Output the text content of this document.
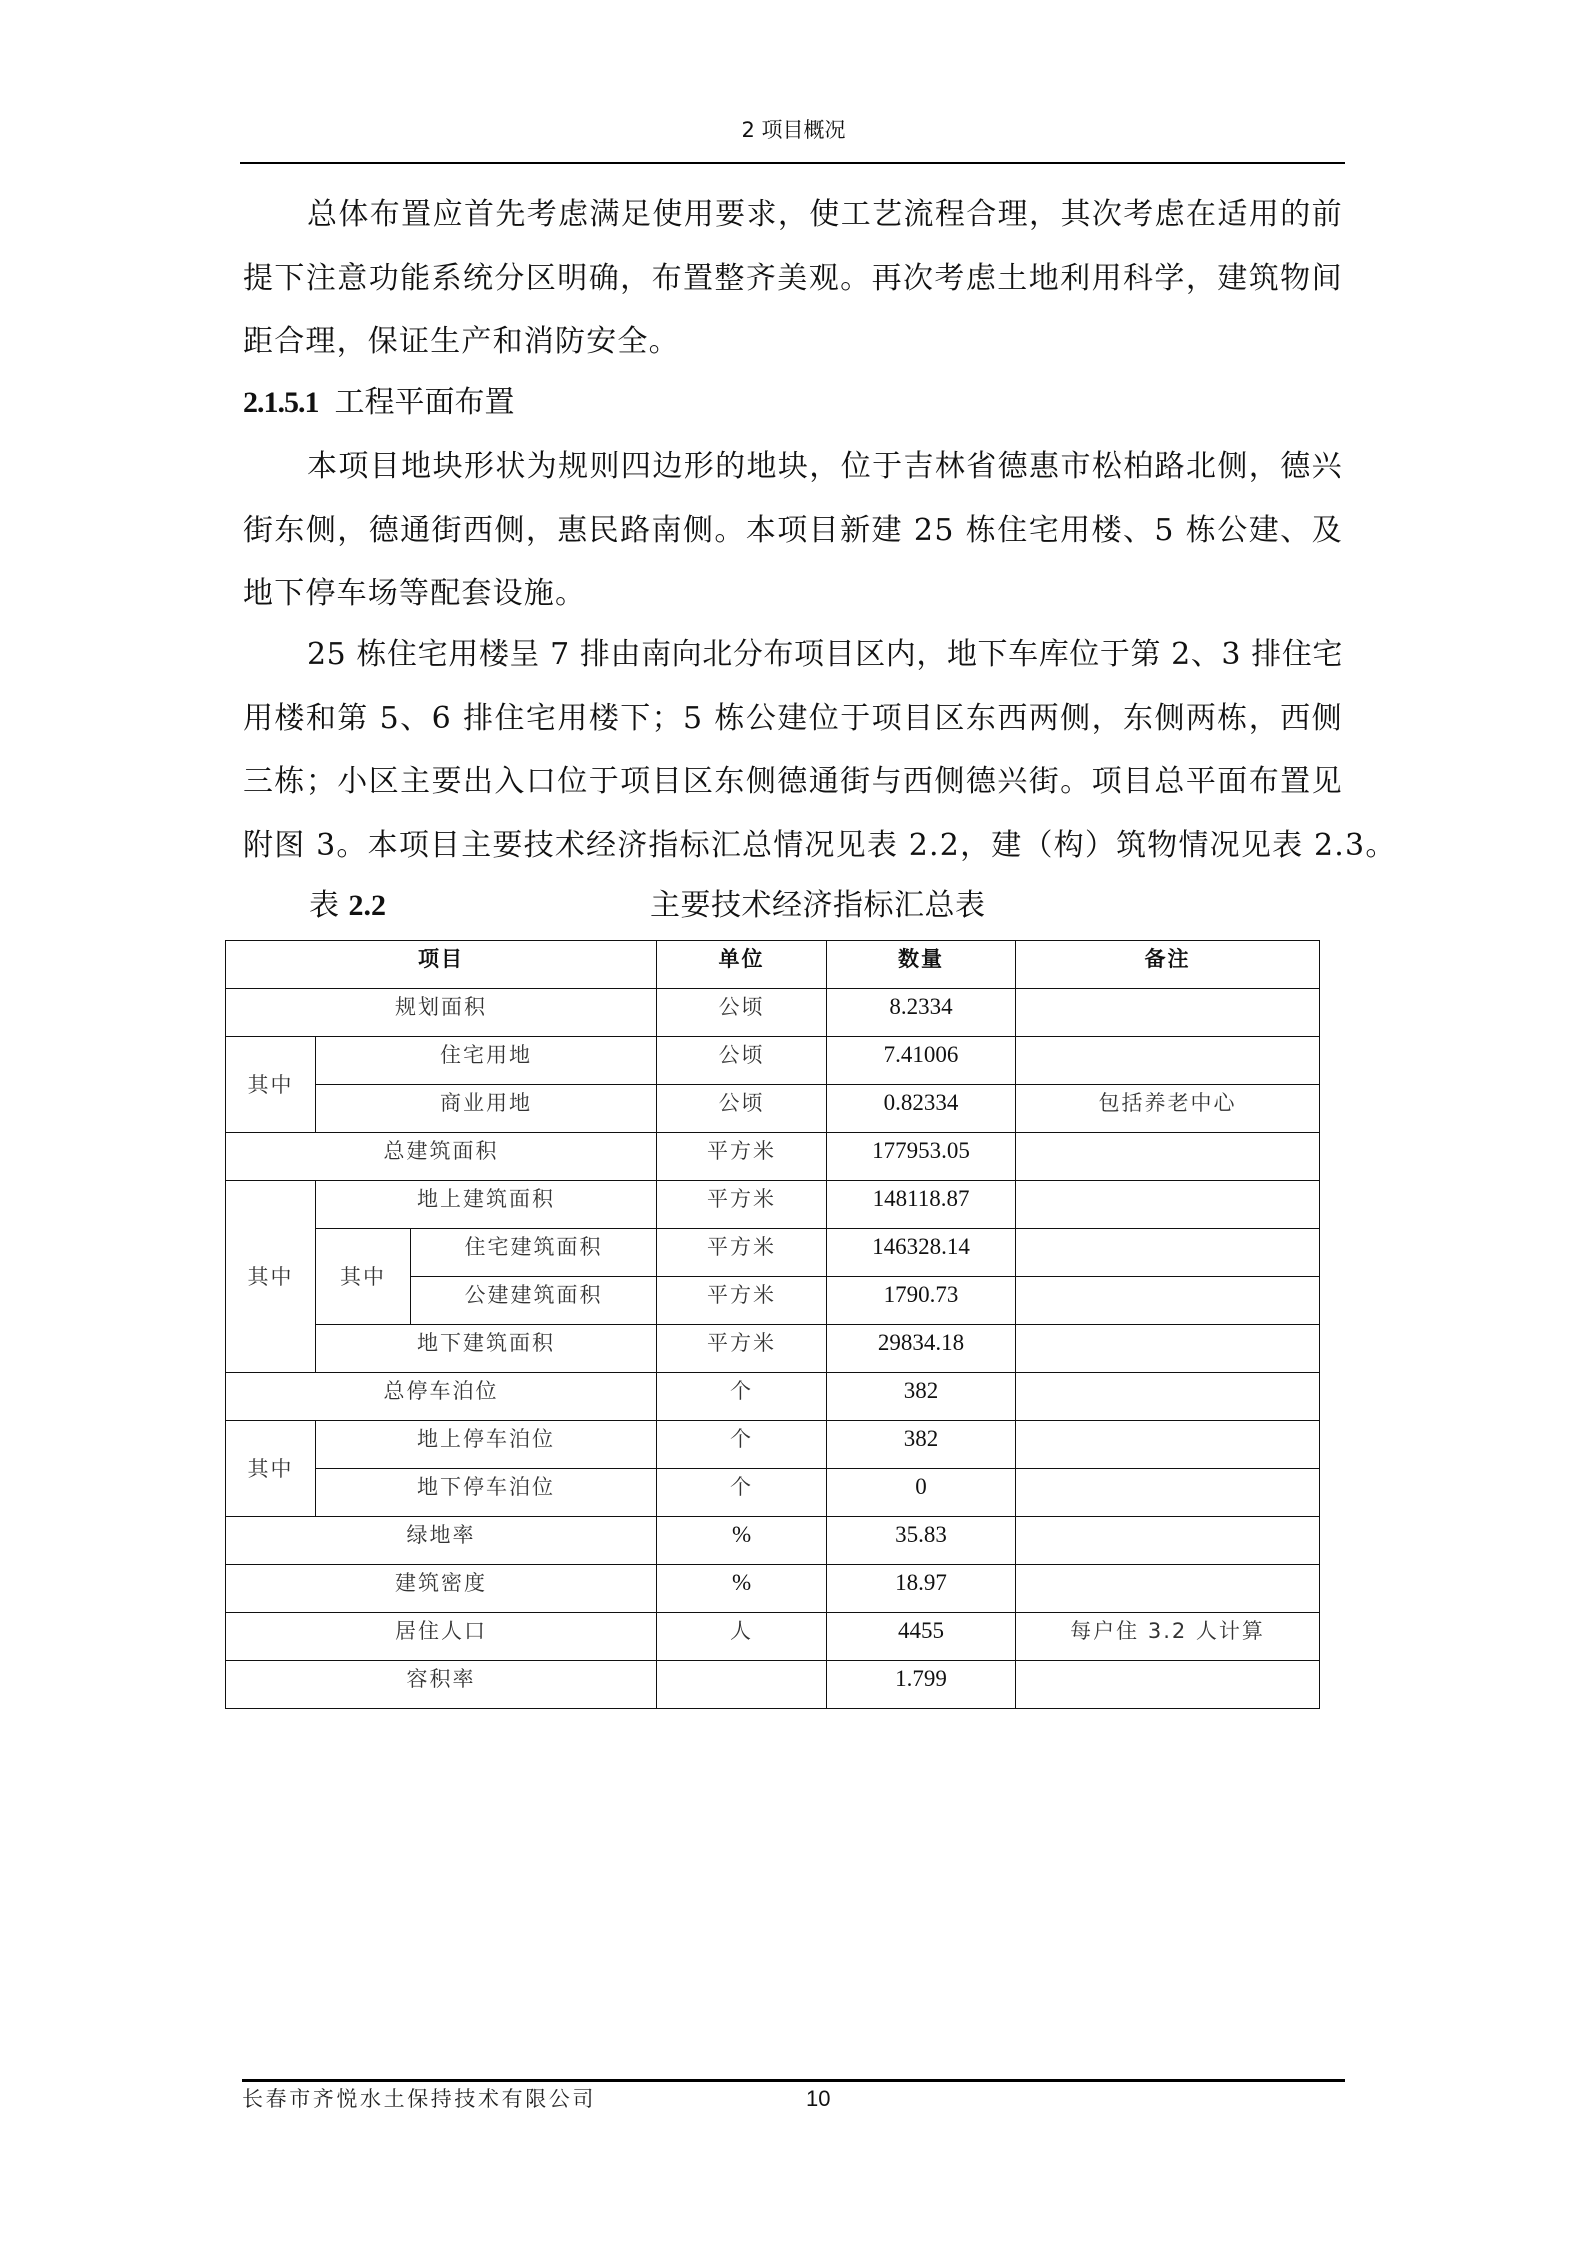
2 项目概况
总体布置应首先考虑满足使用要求，使工艺流程合理，其次考虑在适用的前
提下注意功能系统分区明确，布置整齐美观。再次考虑土地利用科学，建筑物间
距合理，保证生产和消防安全。
2.1.5.1 工程平面布置
本项目地块形状为规则四边形的地块，位于吉林省德惠市松柏路北侧，德兴
街东侧，德通街西侧，惠民路南侧。本项目新建 25 栋住宅用楼、5 栋公建、及
地下停车场等配套设施。
25 栋住宅用楼呈 7 排由南向北分布项目区内，地下车库位于第 2、3 排住宅
用楼和第 5、6 排住宅用楼下；5 栋公建位于项目区东西两侧，东侧两栋，西侧
三栋；小区主要出入口位于项目区东侧德通街与西侧德兴街。项目总平面布置见
附图 3。本项目主要技术经济指标汇总情况见表 2.2，建（构）筑物情况见表 2.3。
表 2.2	主要技术经济指标汇总表
项目			单位	数量	备注
规划面积			公顷	8.2334	
其中	住宅用地		公顷	7.41006	
	商业用地		公顷	0.82334	包括养老中心
总建筑面积			平方米	177953.05	
其中	地上建筑面积		平方米	148118.87	
	其中	住宅建筑面积	平方米	146328.14	
		公建建筑面积	平方米	1790.73	
	地下建筑面积		平方米	29834.18	
总停车泊位			个	382	
其中	地上停车泊位		个	382	
	地下停车泊位		个	0	
绿地率			%	35.83	
建筑密度			%	18.97	
居住人口			人	4455	每户住 3.2 人计算
容积率				1.799	
长春市齐悦水土保持技术有限公司	10
